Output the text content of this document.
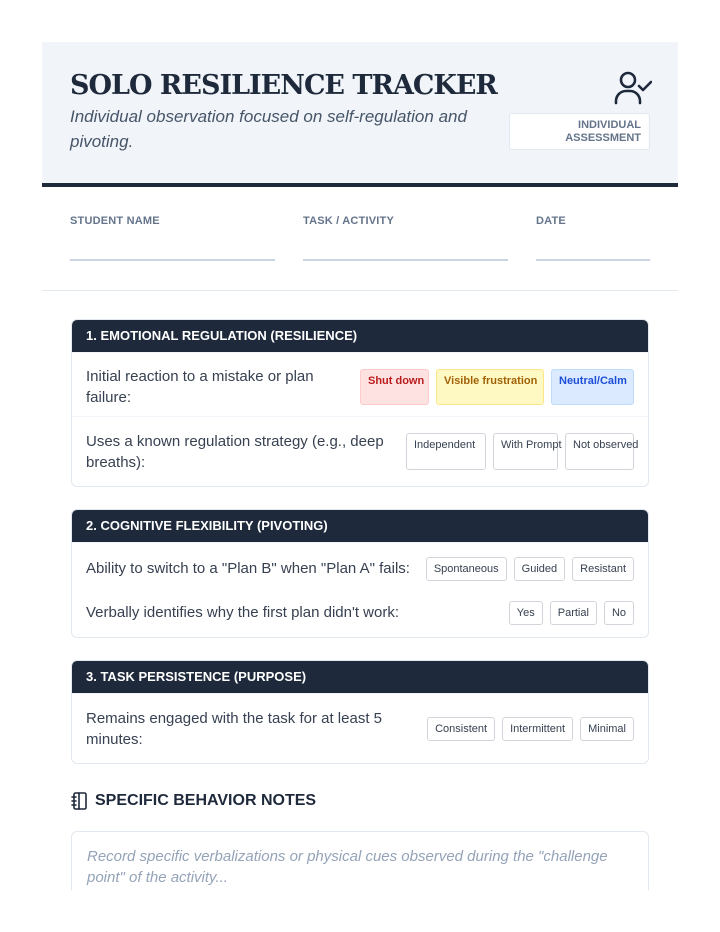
SOLO RESILIENCE TRACKER
Individual observation focused on self-regulation and pivoting.
INDIVIDUAL
ASSESSMENT
STUDENT NAME	TASK / ACTIVITY	DATE
1. EMOTIONAL REGULATION (RESILIENCE)
Initial reaction to a mistake or plan failure:
Shut down	Visible frustration	Neutral/Calm
Uses a known regulation strategy (e.g., deep breaths):
Independent	With Prompt	Not observed
2. COGNITIVE FLEXIBILITY (PIVOTING)
Ability to switch to a "Plan B" when "Plan A" fails:	Spontaneous	Guided	Resistant
Verbally identifies why the first plan didn't work:	Yes	Partial	No
3. TASK PERSISTENCE (PURPOSE)
Remains engaged with the task for at least 5 minutes:
Consistent	Intermittent	Minimal
SPECIFIC BEHAVIOR NOTES
Record specific verbalizations or physical cues observed during the "challenge point" of the activity...
